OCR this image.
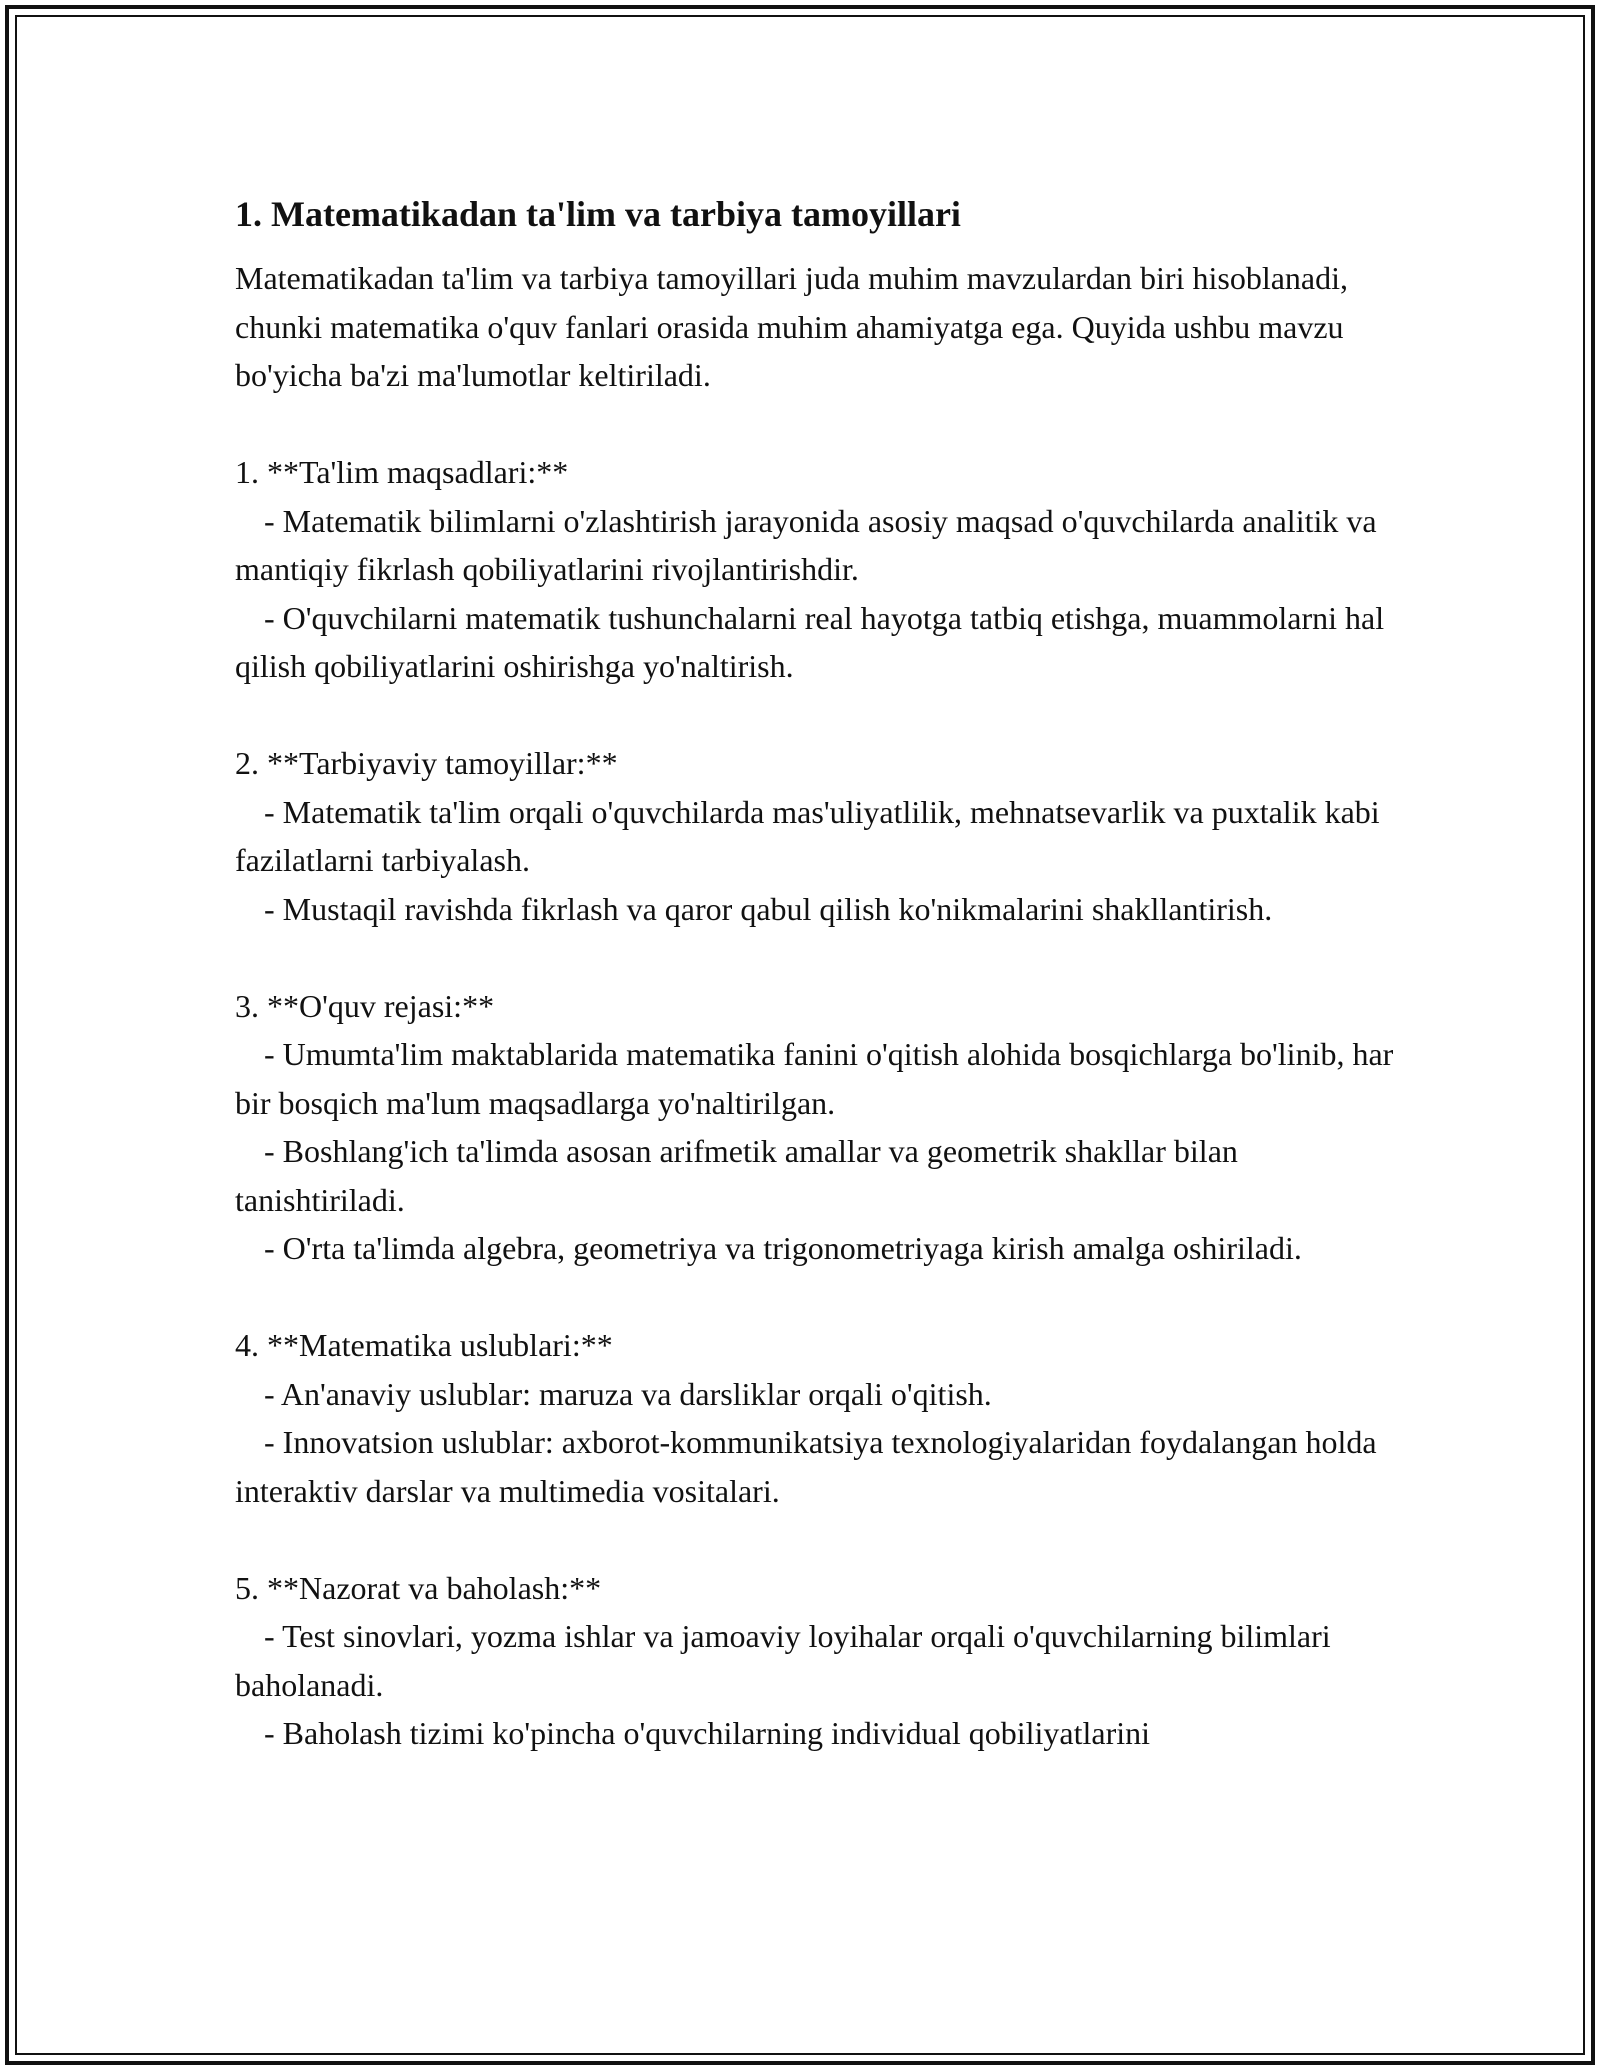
1. Matematikadan ta'lim va tarbiya tamoyillari

Matematikadan ta'lim va tarbiya tamoyillari juda muhim mavzulardan biri hisoblanadi, chunki matematika o'quv fanlari orasida muhim ahamiyatga ega. Quyida ushbu mavzu bo'yicha ba'zi ma'lumotlar keltiriladi.

1. **Ta'lim maqsadlari:**

- Matematik bilimlarni o'zlashtirish jarayonida asosiy maqsad o'quvchilarda analitik va mantiqiy fikrlash qobiliyatlarini rivojlantirishdir.

- O'quvchilarni matematik tushunchalarni real hayotga tatbiq etishga, muammolarni hal qilish qobiliyatlarini oshirishga yo'naltirish.

2. **Tarbiyaviy tamoyillar:**

- Matematik ta'lim orqali o'quvchilarda mas'uliyatlilik, mehnatsevarlik va puxtalik kabi fazilatlarni tarbiyalash.

- Mustaqil ravishda fikrlash va qaror qabul qilish ko'nikmalarini shakllantirish.

3. **O'quv rejasi:**

- Umumta'lim maktablarida matematika fanini o'qitish alohida bosqichlarga bo'linib, har bir bosqich ma'lum maqsadlarga yo'naltirilgan.

- Boshlang'ich ta'limda asosan arifmetik amallar va geometrik shakllar bilan tanishtiriladi.

- O'rta ta'limda algebra, geometriya va trigonometriyaga kirish amalga oshiriladi.

4. **Matematika uslublari:**

- An'anaviy uslublar: maruza va darsliklar orqali o'qitish.

- Innovatsion uslublar: axborot-kommunikatsiya texnologiyalaridan foydalangan holda interaktiv darslar va multimedia vositalari.

5. **Nazorat va baholash:**

- Test sinovlari, yozma ishlar va jamoaviy loyihalar orqali o'quvchilarning bilimlari baholanadi.

- Baholash tizimi ko'pincha o'quvchilarning individual qobiliyatlarini
